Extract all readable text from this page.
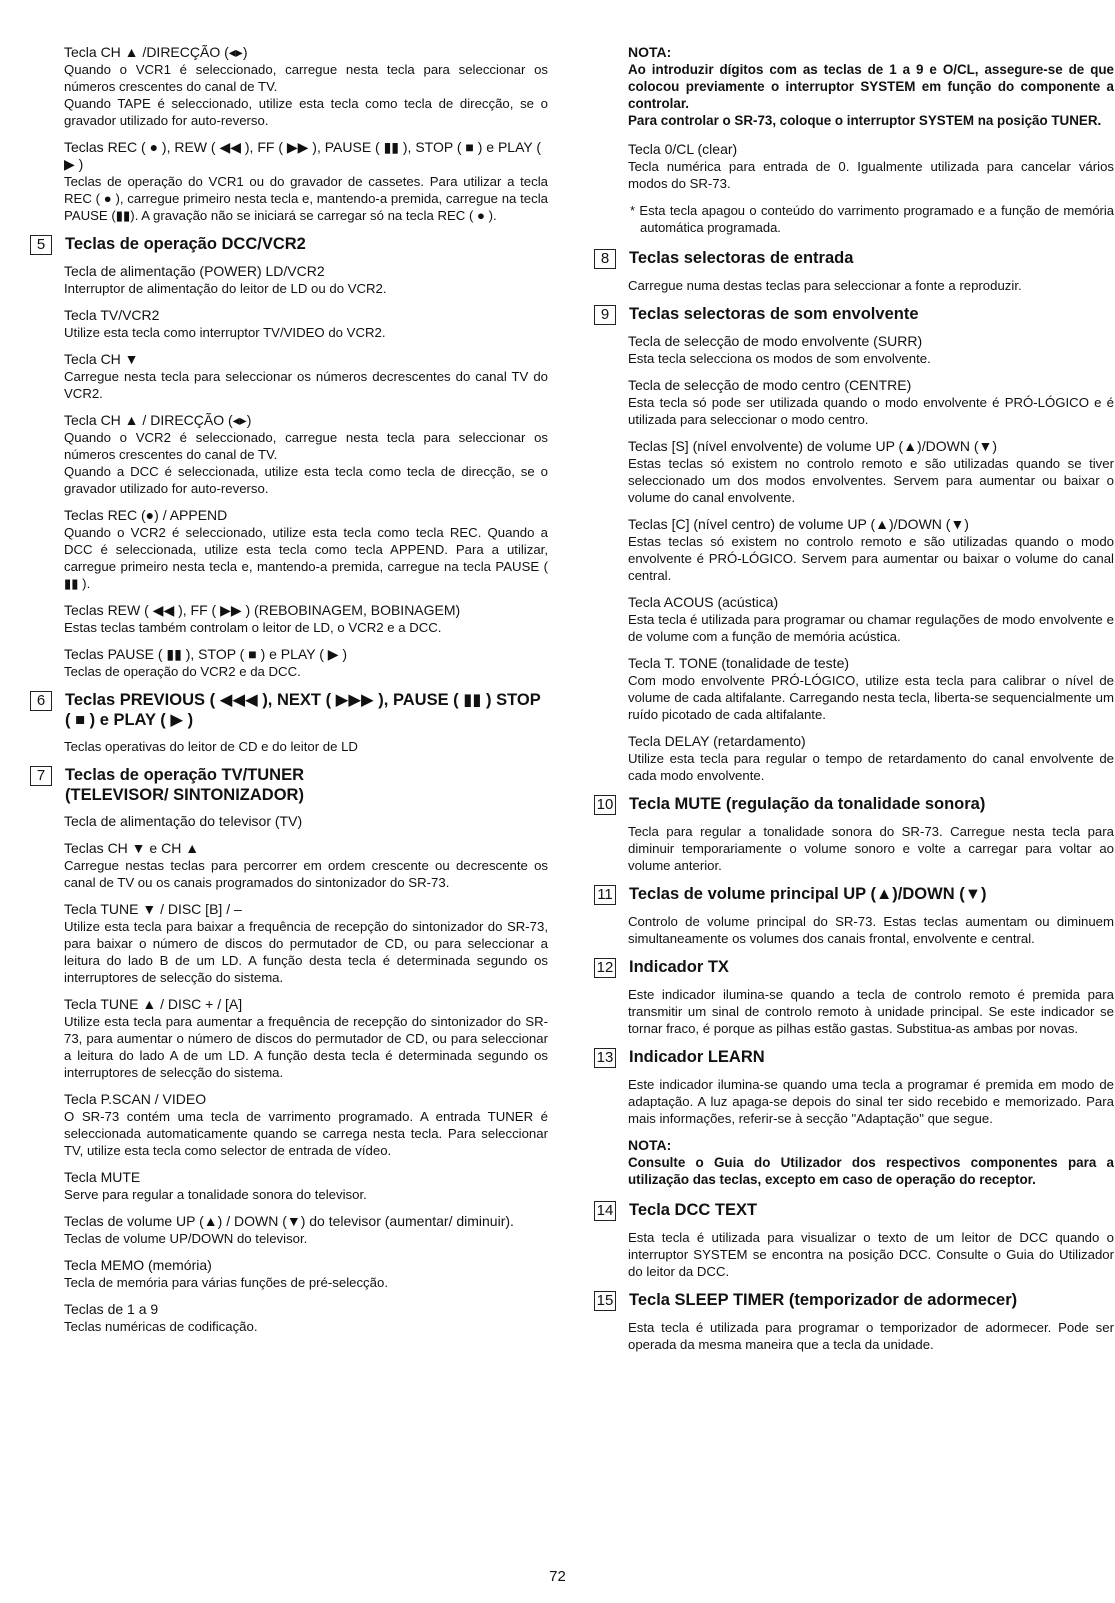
Tecla CH ▲ /DIRECÇÃO (◂▸)

Quando o VCR1 é seleccionado, carregue nesta tecla para seleccionar os números crescentes do canal de TV.

Quando TAPE é seleccionado, utilize esta tecla como tecla de direcção, se o gravador utilizado for auto-reverso.

Teclas REC ( ● ), REW ( ◀◀ ), FF ( ▶▶ ), PAUSE ( ▮▮ ), STOP ( ■ ) e PLAY ( ▶ )

Teclas de operação do VCR1 ou do gravador de cassetes. Para utilizar a tecla REC ( ● ), carregue primeiro nesta tecla e, mantendo-a premida, carregue na tecla PAUSE (▮▮). A gravação não se iniciará se carregar só na tecla REC ( ● ).

5	Teclas de operação DCC/VCR2
Tecla de alimentação (POWER) LD/VCR2

Interruptor de alimentação do leitor de LD ou do VCR2.

Tecla TV/VCR2

Utilize esta tecla como interruptor TV/VIDEO do VCR2.

Tecla CH ▼

Carregue nesta tecla para seleccionar os números decrescentes do canal TV do VCR2.

Tecla CH ▲ / DIRECÇÃO (◂▸)

Quando o VCR2 é seleccionado, carregue nesta tecla para seleccionar os números crescentes do canal de TV.

Quando a DCC é seleccionada, utilize esta tecla como tecla de direcção, se o gravador utilizado for auto-reverso.

Teclas REC (●) / APPEND

Quando o VCR2 é seleccionado, utilize esta tecla como tecla REC. Quando a DCC é seleccionada, utilize esta tecla como tecla APPEND. Para a utilizar, carregue primeiro nesta tecla e, mantendo-a premida, carregue na tecla PAUSE ( ▮▮ ).

Teclas REW ( ◀◀ ), FF ( ▶▶ ) (REBOBINAGEM, BOBINAGEM)

Estas teclas também controlam o leitor de LD, o VCR2 e a DCC.

Teclas PAUSE ( ▮▮ ), STOP ( ■ ) e PLAY ( ▶ )

Teclas de operação do VCR2 e da DCC.

6	Teclas PREVIOUS ( ◀◀◀ ), NEXT ( ▶▶▶ ), PAUSE ( ▮▮ ) STOP
( ■ ) e PLAY ( ▶ )

Teclas operativas do leitor de CD e do leitor de LD

7	Teclas de operação TV/TUNER
(TELEVISOR/ SINTONIZADOR)
Tecla de alimentação do televisor (TV)
Teclas CH ▼ e CH ▲

Carregue nestas teclas para percorrer em ordem crescente ou decrescente os canal de TV ou os canais programados do sintonizador do SR-73.

Tecla TUNE ▼ / DISC [B] / –

Utilize esta tecla para baixar a frequência de recepção do sintonizador do SR-73, para baixar o número de discos do permutador de CD, ou para seleccionar a leitura do lado B de um LD. A função desta tecla é determinada segundo os interruptores de selecção do sistema.

Tecla TUNE ▲ / DISC + / [A]

Utilize esta tecla para aumentar a frequência de recepção do sintonizador do SR-73, para aumentar o número de discos do permutador de CD, ou para seleccionar a leitura do lado A de um LD. A função desta tecla é determinada segundo os interruptores de selecção do sistema.

Tecla P.SCAN / VIDEO

O SR-73 contém uma tecla de varrimento programado. A entrada TUNER é seleccionada automaticamente quando se carrega nesta tecla. Para seleccionar TV, utilize esta tecla como selector de entrada de vídeo.

Tecla MUTE

Serve para regular a tonalidade sonora do televisor.

Teclas de volume UP (▲) / DOWN (▼) do televisor (aumentar/ diminuir).

Teclas de volume UP/DOWN do televisor.

Tecla MEMO (memória)

Tecla de memória para várias funções de pré-selecção.

Teclas de 1 a 9

Teclas numéricas de codificação.

NOTA:

Ao introduzir dígitos com as teclas de 1 a 9 e O/CL, assegure-se de que colocou previamente o interruptor SYSTEM em função do componente a controlar.

Para controlar o SR-73, coloque o interruptor SYSTEM na posição TUNER.

Tecla 0/CL (clear)

Tecla numérica para entrada de 0. Igualmente utilizada para cancelar vários modos do SR-73.

* Esta tecla apagou o conteúdo do varrimento programado e a função de memória automática programada.
8	Teclas selectoras de entrada

Carregue numa destas teclas para seleccionar a fonte a reproduzir.

9	Teclas selectoras de som envolvente
Tecla de selecção de modo envolvente (SURR)

Esta tecla selecciona os modos de som envolvente.

Tecla de selecção de modo centro (CENTRE)

Esta tecla só pode ser utilizada quando o modo envolvente é PRÓ-LÓGICO e é utilizada para seleccionar o modo centro.

Teclas [S] (nível envolvente) de volume UP (▲)/DOWN (▼)

Estas teclas só existem no controlo remoto e são utilizadas quando se tiver seleccionado um dos modos envolventes. Servem para aumentar ou baixar o volume do canal envolvente.

Teclas [C] (nível centro) de volume UP (▲)/DOWN (▼)

Estas teclas só existem no controlo remoto e são utilizadas quando o modo envolvente é PRÓ-LÓGICO. Servem para aumentar ou baixar o volume do canal central.

Tecla ACOUS (acústica)

Esta tecla é utilizada para programar ou chamar regulações de modo envolvente e de volume com a função de memória acústica.

Tecla T. TONE (tonalidade de teste)

Com modo envolvente PRÓ-LÓGICO, utilize esta tecla para calibrar o nível de volume de cada altifalante. Carregando nesta tecla, liberta-se sequencialmente um ruído picotado de cada altifalante.

Tecla DELAY (retardamento)

Utilize esta tecla para regular o tempo de retardamento do canal envolvente de cada modo envolvente.

10 Tecla MUTE (regulação da tonalidade sonora)

Tecla para regular a tonalidade sonora do SR-73. Carregue nesta tecla para diminuir temporariamente o volume sonoro e volte a carregar para voltar ao volume anterior.

11 Teclas de volume principal UP (▲)/DOWN (▼)

Controlo de volume principal do SR-73. Estas teclas aumentam ou diminuem simultaneamente os volumes dos canais frontal, envolvente e central.

12 Indicador TX

Este indicador ilumina-se quando a tecla de controlo remoto é premida para transmitir um sinal de controlo remoto à unidade principal. Se este indicador se tornar fraco, é porque as pilhas estão gastas. Substitua-as ambas por novas.

13 Indicador LEARN

Este indicador ilumina-se quando uma tecla a programar é premida em modo de adaptação. A luz apaga-se depois do sinal ter sido recebido e memorizado. Para mais informações, referir-se à secção "Adaptação" que segue.

NOTA:

Consulte o Guia do Utilizador dos respectivos componentes para a utilização das teclas, excepto em caso de operação do receptor.

14 Tecla DCC TEXT

Esta tecla é utilizada para visualizar o texto de um leitor de DCC quando o interruptor SYSTEM se encontra na posição DCC. Consulte o Guia do Utilizador do leitor da DCC.

15 Tecla SLEEP TIMER (temporizador de adormecer)

Esta tecla é utilizada para programar o temporizador de adormecer. Pode ser operada da mesma maneira que a tecla da unidade.

72
